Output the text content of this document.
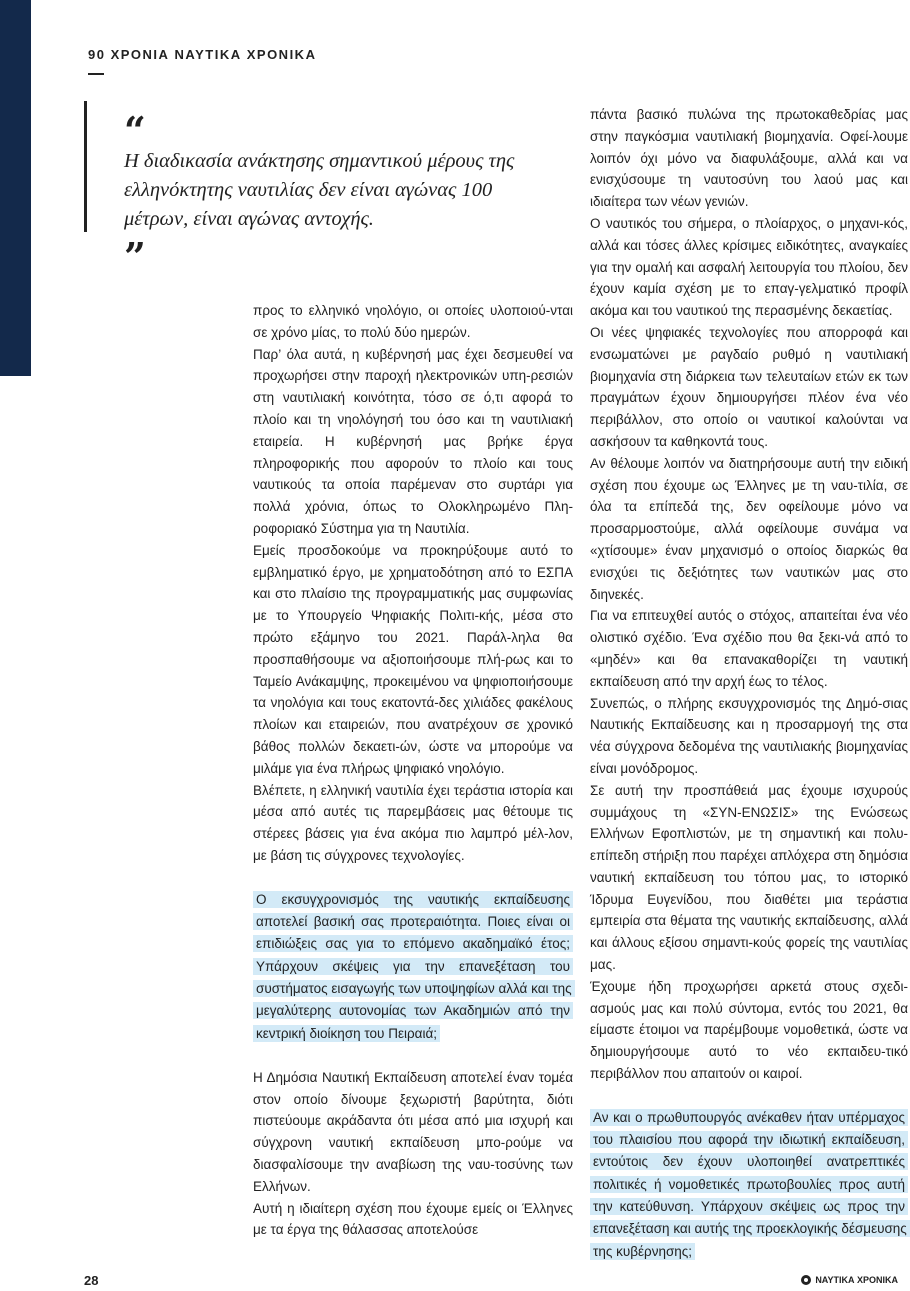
90 ΧΡΟΝΙΑ ΝΑΥΤΙΚΑ ΧΡΟΝΙΚΑ
“
Η διαδικασία ανάκτησης σημαντικού μέρους της ελληνόκτητης ναυτιλίας δεν είναι αγώνας 100 μέτρων, είναι αγώνας αντοχής.
”

προς το ελληνικό νηολόγιο, οι οποίες υλοποιού-νται σε χρόνο μίας, το πολύ δύο ημερών.

Παρ’ όλα αυτά, η κυβέρνησή μας έχει δεσμευθεί να προχωρήσει στην παροχή ηλεκτρονικών υπη-ρεσιών στη ναυτιλιακή κοινότητα, τόσο σε ό,τι αφορά το πλοίο και τη νηολόγησή του όσο και τη ναυτιλιακή εταιρεία. Η κυβέρνησή μας βρήκε έργα πληροφορικής που αφορούν το πλοίο και τους ναυτικούς τα οποία παρέμεναν στο συρτάρι για πολλά χρόνια, όπως το Ολοκληρωμένο Πλη-ροφοριακό Σύστημα για τη Ναυτιλία.

Εμείς προσδοκούμε να προκηρύξουμε αυτό το εμβληματικό έργο, με χρηματοδότηση από το ΕΣΠΑ και στο πλαίσιο της προγραμματικής μας συμφωνίας με το Υπουργείο Ψηφιακής Πολιτι-κής, μέσα στο πρώτο εξάμηνο του 2021. Παράλ-ληλα θα προσπαθήσουμε να αξιοποιήσουμε πλή-ρως και το Ταμείο Ανάκαμψης, προκειμένου να ψηφιοποιήσουμε τα νηολόγια και τους εκατοντά-δες χιλιάδες φακέλους πλοίων και εταιρειών, που ανατρέχουν σε χρονικό βάθος πολλών δεκαετι-ών, ώστε να μπορούμε να μιλάμε για ένα πλήρως ψηφιακό νηολόγιο.

Βλέπετε, η ελληνική ναυτιλία έχει τεράστια ιστορία και μέσα από αυτές τις παρεμβάσεις μας θέτουμε τις στέρεες βάσεις για ένα ακόμα πιο λαμπρό μέλ-λον, με βάση τις σύγχρονες τεχνολογίες.

Ο εκσυγχρονισμός της ναυτικής εκπαίδευσης αποτελεί βασική σας προτεραιότητα. Ποιες είναι οι επιδιώξεις σας για το επόμενο ακαδημαϊκό έτος; Υπάρχουν σκέψεις για την επανεξέταση του συστήματος εισαγωγής των υποψηφίων αλλά και της μεγαλύτερης αυτονομίας των Ακαδημιών από την κεντρική διοίκηση του Πειραιά;

Η Δημόσια Ναυτική Εκπαίδευση αποτελεί έναν τομέα στον οποίο δίνουμε ξεχωριστή βαρύτητα, διότι πιστεύουμε ακράδαντα ότι μέσα από μια ισχυρή και σύγχρονη ναυτική εκπαίδευση μπο-ρούμε να διασφαλίσουμε την αναβίωση της ναυ-τοσύνης των Ελλήνων.

Αυτή η ιδιαίτερη σχέση που έχουμε εμείς οι Έλληνες με τα έργα της θάλασσας αποτελούσε

πάντα βασικό πυλώνα της πρωτοκαθεδρίας μας στην παγκόσμια ναυτιλιακή βιομηχανία. Οφεί-λουμε λοιπόν όχι μόνο να διαφυλάξουμε, αλλά και να ενισχύσουμε τη ναυτοσύνη του λαού μας και ιδιαίτερα των νέων γενιών.

Ο ναυτικός του σήμερα, ο πλοίαρχος, ο μηχανι-κός, αλλά και τόσες άλλες κρίσιμες ειδικότητες, αναγκαίες για την ομαλή και ασφαλή λειτουργία του πλοίου, δεν έχουν καμία σχέση με το επαγ-γελματικό προφίλ ακόμα και του ναυτικού της περασμένης δεκαετίας.

Οι νέες ψηφιακές τεχνολογίες που απορροφά και ενσωματώνει με ραγδαίο ρυθμό η ναυτιλιακή βιομηχανία στη διάρκεια των τελευταίων ετών εκ των πραγμάτων έχουν δημιουργήσει πλέον ένα νέο περιβάλλον, στο οποίο οι ναυτικοί καλούνται να ασκήσουν τα καθηκοντά τους.

Αν θέλουμε λοιπόν να διατηρήσουμε αυτή την ειδική σχέση που έχουμε ως Έλληνες με τη ναυ-τιλία, σε όλα τα επίπεδά της, δεν οφείλουμε μόνο να προσαρμοστούμε, αλλά οφείλουμε συνάμα να «χτίσουμε» έναν μηχανισμό ο οποίος διαρκώς θα ενισχύει τις δεξιότητες των ναυτικών μας στο διηνεκές.

Για να επιτευχθεί αυτός ο στόχος, απαιτείται ένα νέο ολιστικό σχέδιο. Ένα σχέδιο που θα ξεκι-νά από το «μηδέν» και θα επανακαθορίζει τη ναυτική εκπαίδευση από την αρχή έως το τέλος.

Συνεπώς, ο πλήρης εκσυγχρονισμός της Δημό-σιας Ναυτικής Εκπαίδευσης και η προσαρμογή της στα νέα σύγχρονα δεδομένα της ναυτιλιακής βιομηχανίας είναι μονόδρομος.

Σε αυτή την προσπάθειά μας έχουμε ισχυρούς συμμάχους τη «ΣΥΝ-ΕΝΩΣΙΣ» της Ενώσεως Ελλήνων Εφοπλιστών, με τη σημαντική και πολυ-επίπεδη στήριξη που παρέχει απλόχερα στη δημόσια ναυτική εκπαίδευση του τόπου μας, το ιστορικό Ίδρυμα Ευγενίδου, που διαθέτει μια τεράστια εμπειρία στα θέματα της ναυτικής εκπαίδευσης, αλλά και άλλους εξίσου σημαντι-κούς φορείς της ναυτιλίας μας.

Έχουμε ήδη προχωρήσει αρκετά στους σχεδι-ασμούς μας και πολύ σύντομα, εντός του 2021, θα είμαστε έτοιμοι να παρέμβουμε νομοθετικά, ώστε να δημιουργήσουμε αυτό το νέο εκπαιδευ-τικό περιβάλλον που απαιτούν οι καιροί.

Αν και ο πρωθυπουργός ανέκαθεν ήταν υπέρμαχος του πλαισίου που αφορά την ιδιωτική εκπαίδευση, εντούτοις δεν έχουν υλοποιηθεί ανατρεπτικές πολιτικές ή νομοθετικές πρωτοβουλίες προς αυτή την κατεύθυνση. Υπάρχουν σκέψεις ως προς την επανεξέταση και αυτής της προεκλογικής δέσμευσης της κυβέρνησης;

28	ΝΑΥΤΙΚΑ ΧΡΟΝΙΚΑ
